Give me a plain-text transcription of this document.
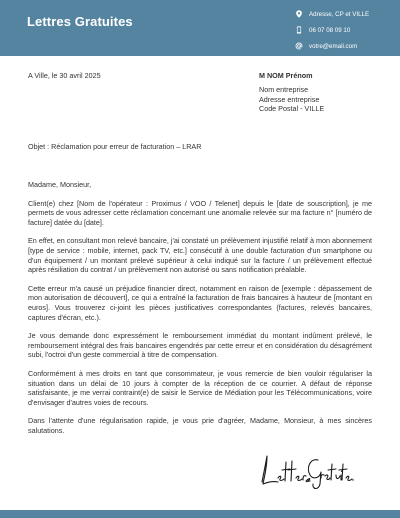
Lettres Gratuites	Adresse, CP et VILLE
06 07 08 09 10
votre@email.com
A Ville, le 30 avril 2025	M NOM Prénom
Nom entreprise
Adresse entreprise
Code Postal - VILLE
Objet : Réclamation pour erreur de facturation – LRAR

Madame, Monsieur,

Client(e) chez [Nom de l'opérateur : Proximus / VOO / Telenet] depuis le [date de souscription], je me permets de vous adresser cette réclamation concernant une anomalie relevée sur ma facture n° [numéro de facture] datée du [date].

En effet, en consultant mon relevé bancaire, j'ai constaté un prélèvement injustifié relatif à mon abonnement [type de service : mobile, internet, pack TV, etc.] consécutif à une double facturation d'un smartphone ou d'un équipement / un montant prélevé supérieur à celui indiqué sur la facture / un prélèvement effectué après résiliation du contrat / un prélèvement non autorisé ou sans notification préalable.

Cette erreur m'a causé un préjudice financier direct, notamment en raison de [exemple : dépassement de mon autorisation de découvert], ce qui a entraîné la facturation de frais bancaires à hauteur de [montant en euros]. Vous trouverez ci-joint les pièces justificatives correspondantes (factures, relevés bancaires, captures d'écran, etc.).

Je vous demande donc expressément le remboursement immédiat du montant indûment prélevé, le remboursement intégral des frais bancaires engendrés par cette erreur et en considération du désagrément subi, l'octroi d'un geste commercial à titre de compensation.

Conformément à mes droits en tant que consommateur, je vous remercie de bien vouloir régulariser la situation dans un délai de 10 jours à compter de la réception de ce courrier. A défaut de réponse satisfaisante, je me verrai contraint(e) de saisir le Service de Médiation pour les Télécommunications, voire d'envisager d'autres voies de recours.

Dans l'attente d'une régularisation rapide, je vous prie d'agréer, Madame, Monsieur, à mes sincères salutations.

Lettres Gratuites.
